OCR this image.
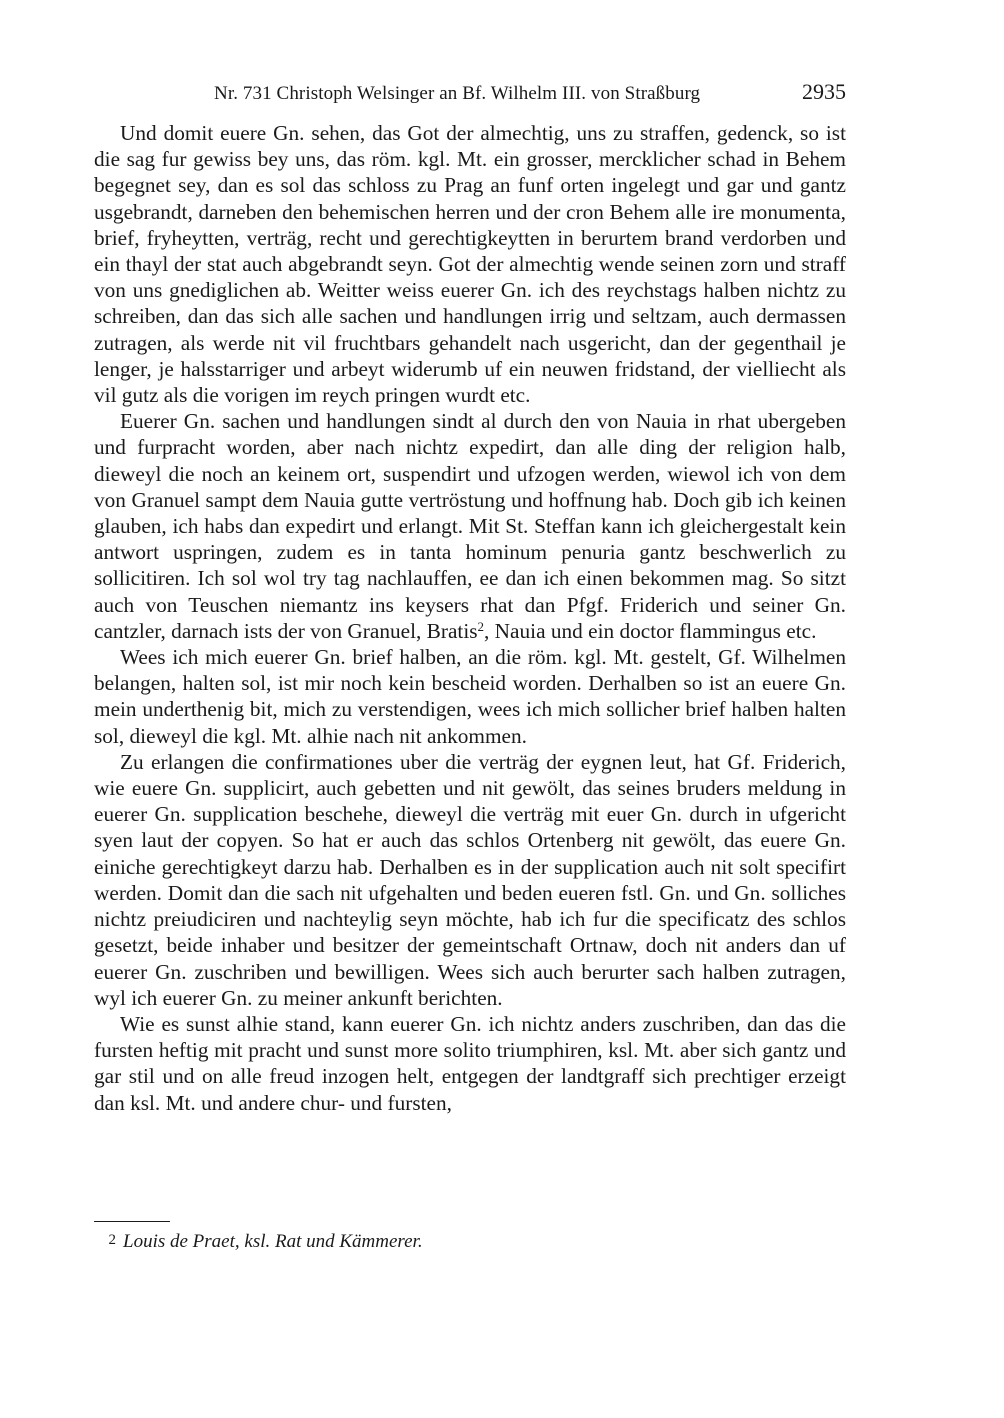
Nr. 731 Christoph Welsinger an Bf. Wilhelm III. von Straßburg	2935

Und domit euere Gn. sehen, das Got der almechtig, uns zu straffen, gedenck, so ist die sag fur gewiss bey uns, das röm. kgl. Mt. ein grosser, mercklicher schad in Behem begegnet sey, dan es sol das schloss zu Prag an funf orten ingelegt und gar und gantz usgebrandt, darneben den behemischen herren und der cron Behem alle ire monumenta, brief, fryheytten, verträg, recht und gerechtigkeytten in berurtem brand verdorben und ein thayl der stat auch abgebrandt seyn. Got der almechtig wende seinen zorn und straff von uns gnediglichen ab. Weitter weiss euerer Gn. ich des reychstags halben nichtz zu schreiben, dan das sich alle sachen und handlungen irrig und seltzam, auch dermassen zutragen, als werde nit vil fruchtbars gehandelt nach usgericht, dan der gegenthail je lenger, je halsstarriger und arbeyt widerumb uf ein neuwen fridstand, der vielliecht als vil gutz als die vorigen im reych pringen wurdt etc.

Euerer Gn. sachen und handlungen sindt al durch den von Nauia in rhat ubergeben und furpracht worden, aber nach nichtz expedirt, dan alle ding der religion halb, dieweyl die noch an keinem ort, suspendirt und ufzogen werden, wiewol ich von dem von Granuel sampt dem Nauia gutte vertröstung und hoffnung hab. Doch gib ich keinen glauben, ich habs dan expedirt und erlangt. Mit St. Steffan kann ich gleichergestalt kein antwort uspringen, zudem es in tanta hominum penuria gantz beschwerlich zu sollicitiren. Ich sol wol try tag nachlauffen, ee dan ich einen bekommen mag. So sitzt auch von Teuschen niemantz ins keysers rhat dan Pfgf. Friderich und seiner Gn. cantzler, darnach ists der von Granuel, Bratis$^2$, Nauia und ein doctor flammingus etc.

Wees ich mich euerer Gn. brief halben, an die röm. kgl. Mt. gestelt, Gf. Wilhelmen belangen, halten sol, ist mir noch kein bescheid worden. Derhalben so ist an euere Gn. mein underthenig bit, mich zu verstendigen, wees ich mich sollicher brief halben halten sol, dieweyl die kgl. Mt. alhie nach nit ankommen.

Zu erlangen die confirmationes uber die verträg der eygnen leut, hat Gf. Friderich, wie euere Gn. supplicirt, auch gebetten und nit gewölt, das seines bruders meldung in euerer Gn. supplication beschehe, dieweyl die verträg mit euer Gn. durch in ufgericht syen laut der copyen. So hat er auch das schlos Ortenberg nit gewölt, das euere Gn. einiche gerechtigkeyt darzu hab. Derhalben es in der supplication auch nit solt specifirt werden. Domit dan die sach nit ufgehalten und beden eueren fstl. Gn. und Gn. solliches nichtz preiudiciren und nachteylig seyn möchte, hab ich fur die specificatz des schlos gesetzt, beide inhaber und besitzer der gemeintschaft Ortnaw, doch nit anders dan uf euerer Gn. zuschriben und bewilligen. Wees sich auch berurter sach halben zutragen, wyl ich euerer Gn. zu meiner ankunft berichten.

Wie es sunst alhie stand, kann euerer Gn. ich nichtz anders zuschriben, dan das die fursten heftig mit pracht und sunst more solito triumphiren, ksl. Mt. aber sich gantz und gar stil und on alle freud inzogen helt, entgegen der landtgraff sich prechtiger erzeigt dan ksl. Mt. und andere chur- und fursten,

2 Louis de Praet, ksl. Rat und Kämmerer.
